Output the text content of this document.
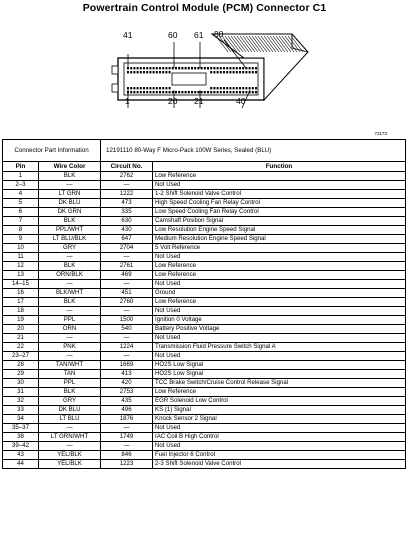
Powertrain Control Module (PCM) Connector C1
41
1
60
20
61
21
80
40
73173
Connector Part Information		12191110 80-Way F Micro-Pack 100W Series, Sealed (BLU)	
Pin	Wire Color	Circuit No.	Function
1	BLK	2762	Low Reference
2–3	—	—	Not Used
4	LT GRN	1222	1-2 Shift Solenoid Valve Control
5	DK BLU	473	High Speed Cooling Fan Relay Control
6	DK GRN	335	Low Speed Cooling Fan Relay Control
7	BLK	630	Camshaft Position Signal
8	PPL/WHT	430	Low Resolution Engine Speed Signal
9	LT BLU/BLK	647	Medium Resolution Engine Speed Signal
10	GRY	2704	5 Volt Reference
11	—	—	Not Used
12	BLK	2761	Low Reference
13	ORN/BLK	469	Low Reference
14–15	—	—	Not Used
16	BLK/WHT	451	Ground
17	BLK	2760	Low Reference
18	—	—	Not Used
19	PPL	1500	Ignition 0 Voltage
20	ORN	540	Battery Positive Voltage
21	—	—	Not Used
22	PNK	1224	Transmission Fluid Pressure Switch Signal A
23–27	—	—	Not Used
28	TAN/WHT	1669	HO2S Low Signal
29	TAN	413	HO2S Low Signal
30	PPL	420	TCC Brake Switch/Cruise Control Release Signal
31	BLK	2753	Low Reference
32	GRY	435	EGR Solenoid Low Control
33	DK BLU	496	KS (1) Signal
34	LT BLU	1876	Knock Sensor 2 Signal
35–37	—	—	Not Used
38	LT GRN/WHT	1749	IAC Coil B High Control
39–42	—	—	Not Used
43	YEL/BLK	846	Fuel Injector 6 Control
44	YEL/BLK	1223	2-3 Shift Solenoid Valve Control
